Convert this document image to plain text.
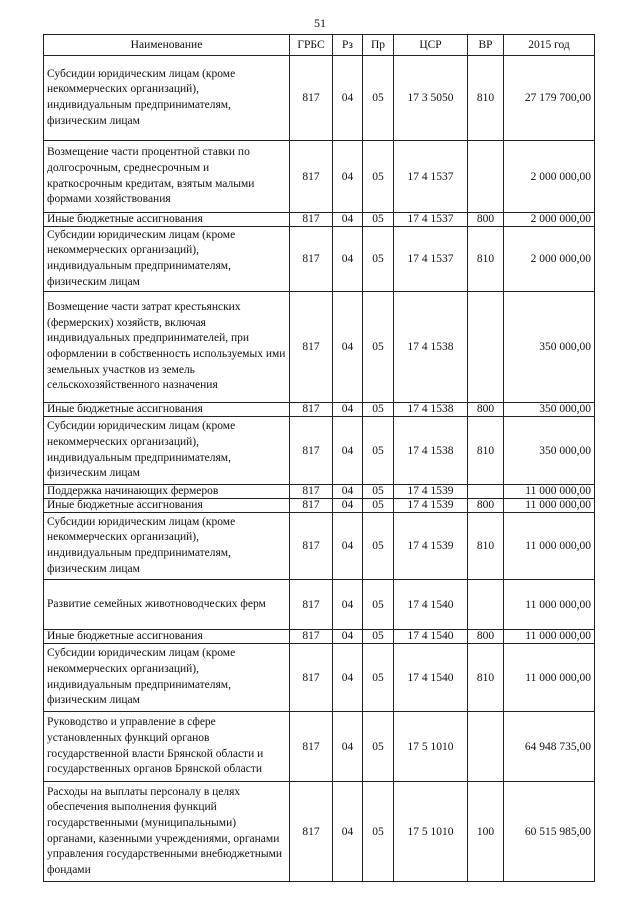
51
Наименование	ГРБС	Рз	Пр	ЦСР	ВР	2015 год
Субсидии юридическим лицам (кроме некоммерческих организаций), индивидуальным предпринимателям, физическим лицам	817	04	05	17 3 5050	810	27 179 700,00
Возмещение части процентной ставки по долгосрочным, среднесрочным и краткосрочным кредитам, взятым малыми формами хозяйствования	817	04	05	17 4 1537		2 000 000,00
Иные бюджетные ассигнования	817	04	05	17 4 1537	800	2 000 000,00
Субсидии юридическим лицам (кроме некоммерческих организаций), индивидуальным предпринимателям, физическим лицам	817	04	05	17 4 1537	810	2 000 000,00
Возмещение части затрат крестьянских (фермерских) хозяйств, включая индивидуальных предпринимателей, при оформлении в собственность используемых ими земельных участков из земель сельскохозяйственного назначения	817	04	05	17 4 1538		350 000,00
Иные бюджетные ассигнования	817	04	05	17 4 1538	800	350 000,00
Субсидии юридическим лицам (кроме некоммерческих организаций), индивидуальным предпринимателям, физическим лицам	817	04	05	17 4 1538	810	350 000,00
Поддержка начинающих фермеров	817	04	05	17 4 1539		11 000 000,00
Иные бюджетные ассигнования	817	04	05	17 4 1539	800	11 000 000,00
Субсидии юридическим лицам (кроме некоммерческих организаций), индивидуальным предпринимателям, физическим лицам	817	04	05	17 4 1539	810	11 000 000,00
Развитие семейных животноводческих ферм	817	04	05	17 4 1540		11 000 000,00
Иные бюджетные ассигнования	817	04	05	17 4 1540	800	11 000 000,00
Субсидии юридическим лицам (кроме некоммерческих организаций), индивидуальным предпринимателям, физическим лицам	817	04	05	17 4 1540	810	11 000 000,00
Руководство и управление в сфере установленных функций органов государственной власти Брянской области и государственных органов Брянской области	817	04	05	17 5 1010		64 948 735,00
Расходы на выплаты персоналу в целях обеспечения выполнения функций государственными (муниципальными) органами, казенными учреждениями, органами управления государственными внебюджетными фондами	817	04	05	17 5 1010	100	60 515 985,00
